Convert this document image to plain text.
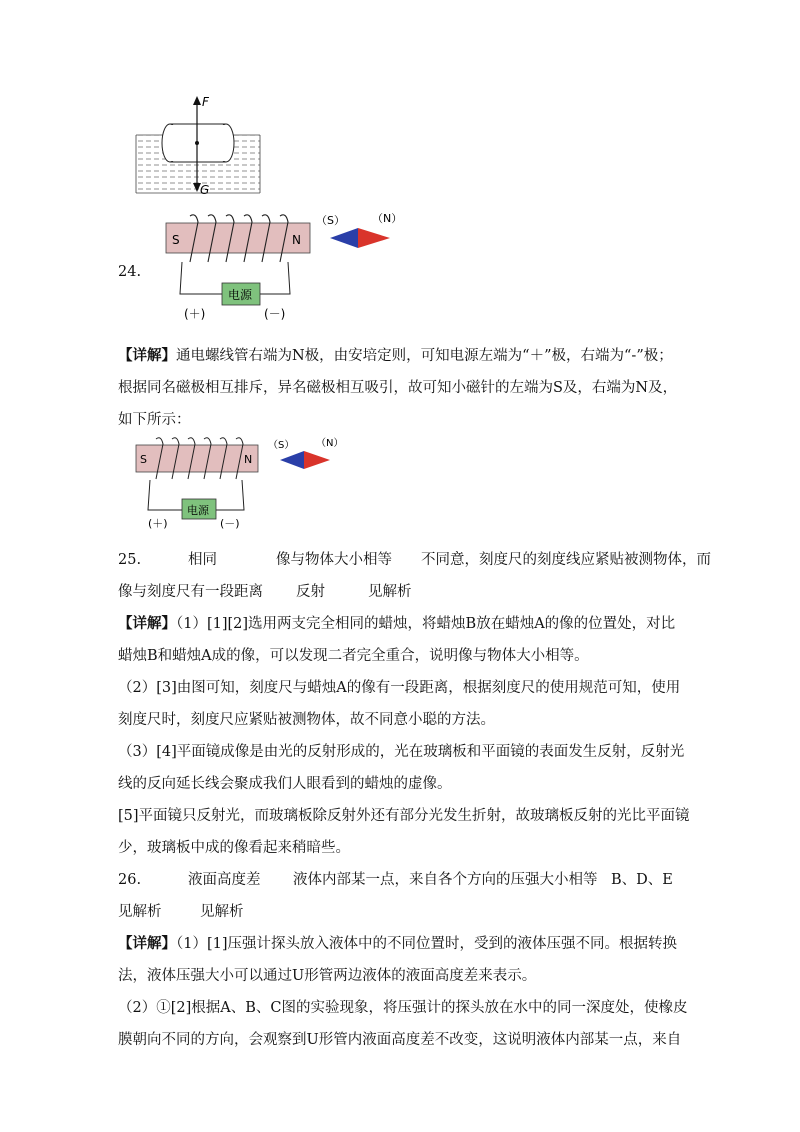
F
G
24.
S	N
电源
(＋)	(－)
（S） （N）
【详解】通电螺线管右端为N极，由安培定则，可知电源左端为“＋”极，右端为“-”极；
根据同名磁极相互排斥，异名磁极相互吸引，故可知小磁针的左端为S及，右端为N及，
如下所示：
S	N
电源
(＋)	(－)
（S） （N）
25.	相同	像与物体大小相等 不同意，刻度尺的刻度线应紧贴被测物体，而
像与刻度尺有一段距离 反射	见解析
【详解】（1）[1][2]选用两支完全相同的蜡烛，将蜡烛B放在蜡烛A的像的位置处，对比
蜡烛B和蜡烛A成的像，可以发现二者完全重合，说明像与物体大小相等。
（2）[3]由图可知，刻度尺与蜡烛A的像有一段距离，根据刻度尺的使用规范可知，使用
刻度尺时，刻度尺应紧贴被测物体，故不同意小聪的方法。
（3）[4]平面镜成像是由光的反射形成的，光在玻璃板和平面镜的表面发生反射，反射光
线的反向延长线会聚成我们人眼看到的蜡烛的虚像。
[5]平面镜只反射光，而玻璃板除反射外还有部分光发生折射，故玻璃板反射的光比平面镜
少，玻璃板中成的像看起来稍暗些。
26.	液面高度差 液体内部某一点，来自各个方向的压强大小相等 B、D、E
见解析	见解析
【详解】（1）[1]压强计探头放入液体中的不同位置时，受到的液体压强不同。根据转换
法，液体压强大小可以通过U形管两边液体的液面高度差来表示。
（2）①[2]根据A、B、C图的实验现象，将压强计的探头放在水中的同一深度处，使橡皮
膜朝向不同的方向，会观察到U形管内液面高度差不改变，这说明液体内部某一点，来自
